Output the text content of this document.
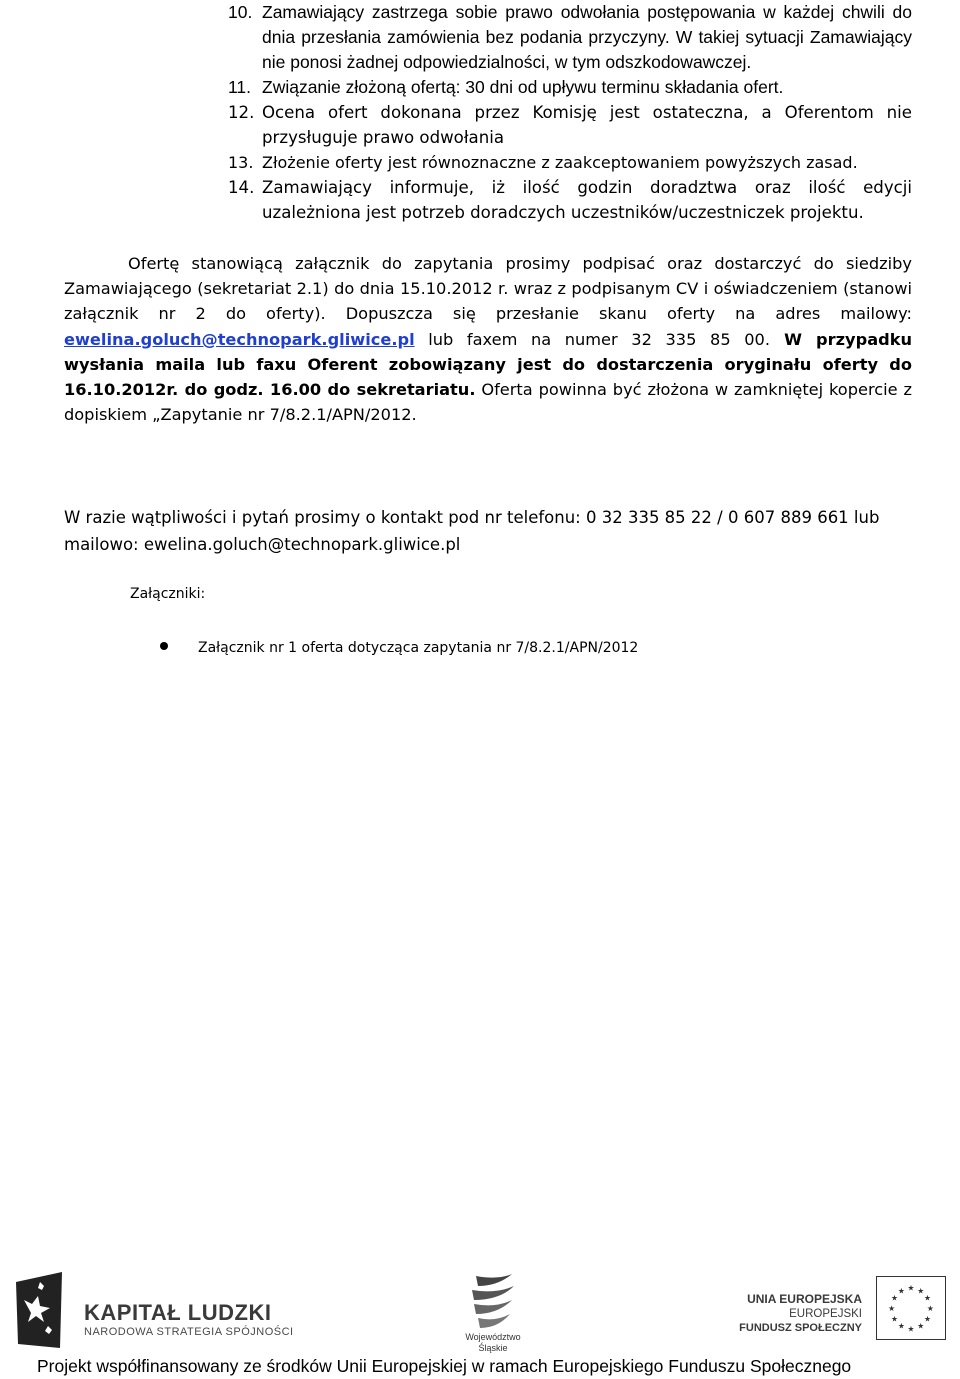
10. Zamawiający zastrzega sobie prawo odwołania postępowania w każdej chwili do dnia przesłania zamówienia bez podania przyczyny. W takiej sytuacji Zamawiający nie ponosi żadnej odpowiedzialności, w tym odszkodowawczej.
11. Związanie złożoną ofertą: 30 dni od upływu terminu składania ofert.
12. Ocena ofert dokonana przez Komisję jest ostateczna, a Oferentom nie przysługuje prawo odwołania
13. Złożenie oferty jest równoznaczne z zaakceptowaniem powyższych zasad.
14. Zamawiający informuje, iż ilość godzin doradztwa oraz ilość edycji uzależniona jest potrzeb doradczych uczestników/uczestniczek projektu.
Ofertę stanowiącą załącznik do zapytania prosimy podpisać oraz dostarczyć do siedziby Zamawiającego (sekretariat 2.1) do dnia 15.10.2012 r. wraz z podpisanym CV i oświadczeniem (stanowi załącznik nr 2 do oferty). Dopuszcza się przesłanie skanu oferty na adres mailowy: ewelina.goluch@technopark.gliwice.pl lub faxem na numer 32 335 85 00. W przypadku wysłania maila lub faxu Oferent zobowiązany jest do dostarczenia oryginału oferty do 16.10.2012r. do godz. 16.00 do sekretariatu. Oferta powinna być złożona w zamkniętej kopercie z dopiskiem „Zapytanie nr 7/8.2.1/APN/2012.
W razie wątpliwości i pytań prosimy o kontakt pod nr telefonu: 0 32 335 85 22 / 0 607 889 661 lub
mailowo: ewelina.goluch@technopark.gliwice.pl
Załączniki:
Załącznik nr 1 oferta dotycząca zapytania nr 7/8.2.1/APN/2012
KAPITAŁ LUDZKI
NARODOWA STRATEGIA SPÓJNOŚCI	Województwo Śląskie
UNIA EUROPEJSKA
EUROPEJSKI
FUNDUSZ SPOŁECZNY
★ ★
★
★
★
★
★
★
★
★
★
★
Projekt współfinansowany ze środków Unii Europejskiej w ramach Europejskiego Funduszu Społecznego
